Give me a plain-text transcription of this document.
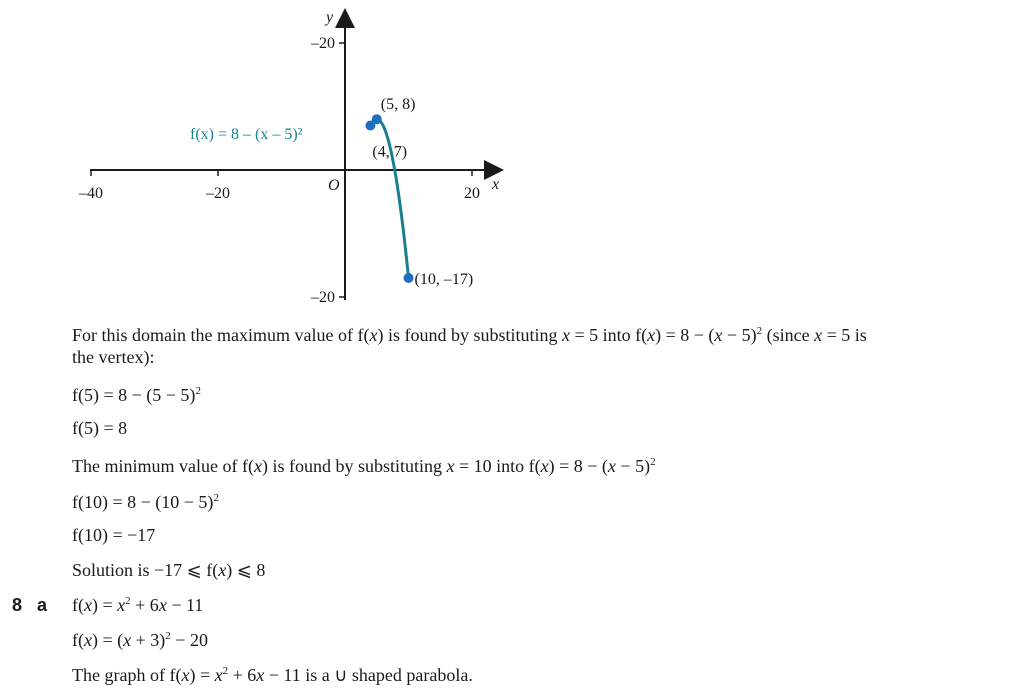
–40	–20	20
–20
–20
x
y
O
(4, 7)
(5, 8)
(10, –17)
f(x) = 8 – (x – 5)²
For this domain the maximum value of f(x) is found by substituting x = 5 into $f(x) = 8 - (x - 5)^2$ (since x = 5 is
the vertex):
$f(5) = 8 - (5 - 5)^2$
f(5) = 8
The minimum value of f(x) is found by substituting x = 10 into $f(x) = 8 - (x - 5)^2$
$f(10) = 8 - (10 - 5)^2$
f(10) = −17
Solution is −17 ⩽ f(x) ⩽ 8
8 a $f(x) = x^2 + 6x - 11$
$f(x) = (x + 3)^2 - 20$
The graph of $f(x) = x^2 + 6x - 11$ is a ∪ shaped parabola.
